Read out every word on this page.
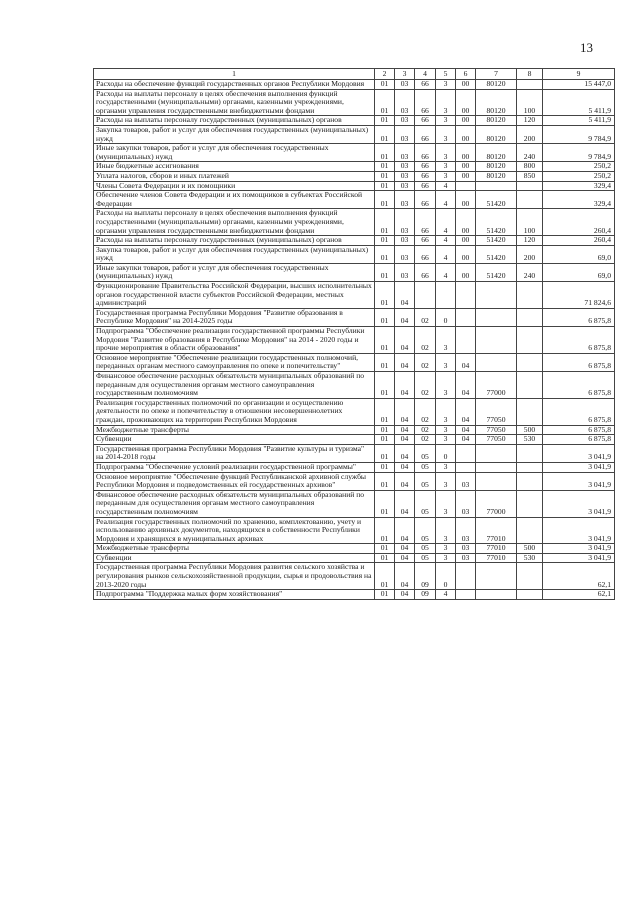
13
1	2	3	4	5	6	7	8	9
Расходы на обеспечение функций государственных органов Республики Мордовия	01	03	66	3	00	80120		15 447,0
Расходы на выплаты персоналу в целях обеспечения выполнения функций государственными (муниципальными) органами, казенными учреждениями, органами управления государственными внебюджетными фондами	01	03	66	3	00	80120	100	5 411,9
Расходы на выплаты персоналу государственных (муниципальных) органов	01	03	66	3	00	80120	120	5 411,9
Закупка товаров, работ и услуг для обеспечения государственных (муниципальных) нужд	01	03	66	3	00	80120	200	9 784,9
Иные закупки товаров, работ и услуг для обеспечения государственных (муниципальных) нужд	01	03	66	3	00	80120	240	9 784,9
Иные бюджетные ассигнования	01	03	66	3	00	80120	800	250,2
Уплата налогов, сборов и иных платежей	01	03	66	3	00	80120	850	250,2
Члены Совета Федерации и их помощники	01	03	66	4				329,4
Обеспечение членов Совета Федерации и их помощников в субъектах Российской Федерации	01	03	66	4	00	51420		329,4
Расходы на выплаты персоналу в целях обеспечения выполнения функций государственными (муниципальными) органами, казенными учреждениями, органами управления государственными внебюджетными фондами	01	03	66	4	00	51420	100	260,4
Расходы на выплаты персоналу государственных (муниципальных) органов	01	03	66	4	00	51420	120	260,4
Закупка товаров, работ и услуг для обеспечения государственных (муниципальных) нужд	01	03	66	4	00	51420	200	69,0
Иные закупки товаров, работ и услуг для обеспечения государственных (муниципальных) нужд	01	03	66	4	00	51420	240	69,0
Функционирование Правительства Российской Федерации, высших исполнительных органов государственной власти субъектов Российской Федерации, местных администраций	01	04						71 824,6
Государственная программа Республики Мордовия "Развитие образования в Республике Мордовия" на 2014-2025 годы	01	04	02	0				6 875,8
Подпрограмма "Обеспечение реализации государственной программы Республики Мордовия "Развитие образования в Республике Мордовия" на 2014 - 2020 годы и прочие мероприятия в области образования"	01	04	02	3				6 875,8
Основное мероприятие "Обеспечение реализации государственных полномочий, переданных органам местного самоуправления по опеке и попечительству"	01	04	02	3	04			6 875,8
Финансовое обеспечение расходных обязательств муниципальных образований по переданным для осуществления органам местного самоуправления государственным полномочиям	01	04	02	3	04	77000		6 875,8
Реализация государственных полномочий по организации и осуществлению деятельности по опеке и попечительству в отношении несовершеннолетних граждан, проживающих на территории Республики Мордовия	01	04	02	3	04	77050		6 875,8
Межбюджетные трансферты	01	04	02	3	04	77050	500	6 875,8
Субвенции	01	04	02	3	04	77050	530	6 875,8
Государственная программа Республики Мордовия "Развитие культуры и туризма" на 2014-2018 годы	01	04	05	0				3 041,9
Подпрограмма "Обеспечение условий реализации государственной программы"	01	04	05	3				3 041,9
Основное мероприятие "Обеспечение функций Республиканской архивной службы Республики Мордовия и подведомственных ей государственных архивов"	01	04	05	3	03			3 041,9
Финансовое обеспечение расходных обязательств муниципальных образований по переданным для осуществления органам местного самоуправления государственным полномочиям	01	04	05	3	03	77000		3 041,9
Реализация государственных полномочий по хранению, комплектованию, учету и использованию архивных документов, находящихся в собственности Республики Мордовия и хранящихся в муниципальных архивах	01	04	05	3	03	77010		3 041,9
Межбюджетные трансферты	01	04	05	3	03	77010	500	3 041,9
Субвенции	01	04	05	3	03	77010	530	3 041,9
Государственная программа Республики Мордовия развития сельского хозяйства и регулирования рынков сельскохозяйственной продукции, сырья и продовольствия на 2013-2020 годы	01	04	09	0				62,1
Подпрограмма "Поддержка малых форм хозяйствования"	01	04	09	4				62,1
